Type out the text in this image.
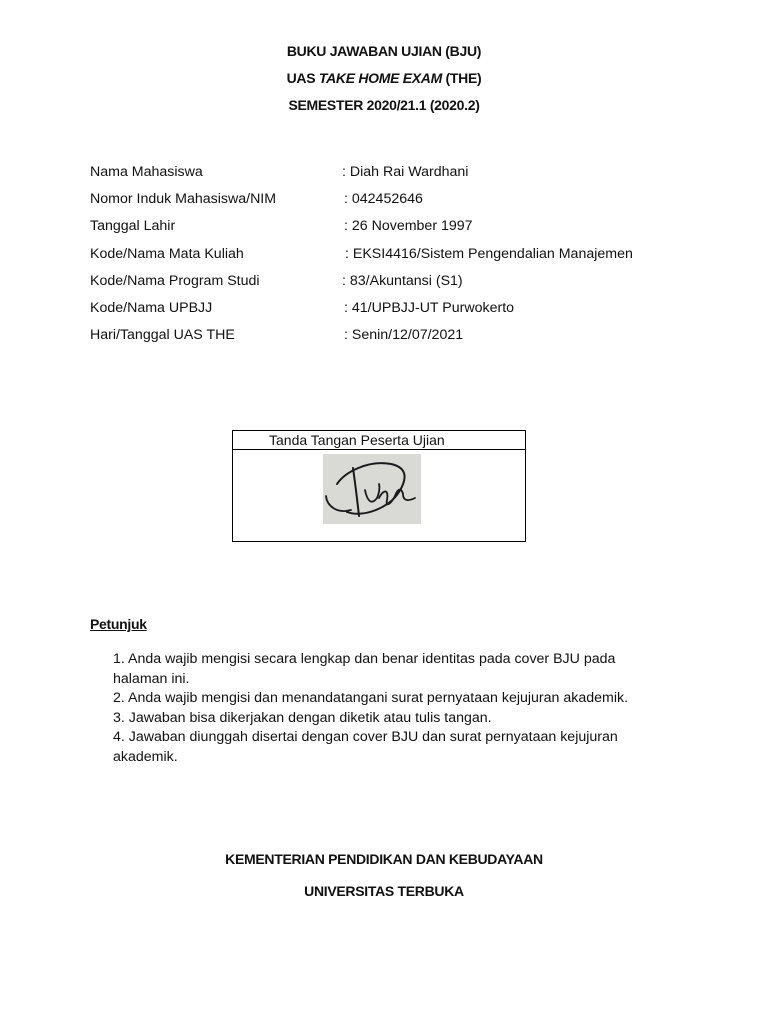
BUKU JAWABAN UJIAN (BJU)
UAS TAKE HOME EXAM (THE)
SEMESTER 2020/21.1 (2020.2)
Nama Mahasiswa	: Diah Rai Wardhani
Nomor Induk Mahasiswa/NIM	: 042452646
Tanggal Lahir	: 26 November 1997
Kode/Nama Mata Kuliah	: EKSI4416/Sistem Pengendalian Manajemen
Kode/Nama Program Studi	: 83/Akuntansi (S1)
Kode/Nama UPBJJ	: 41/UPBJJ-UT Purwokerto
Hari/Tanggal UAS THE	: Senin/12/07/2021
Tanda Tangan Peserta Ujian
Petunjuk

1. Anda wajib mengisi secara lengkap dan benar identitas pada cover BJU pada halaman ini.

2. Anda wajib mengisi dan menandatangani surat pernyataan kejujuran akademik.

3. Jawaban bisa dikerjakan dengan diketik atau tulis tangan.

4. Jawaban diunggah disertai dengan cover BJU dan surat pernyataan kejujuran akademik.

KEMENTERIAN PENDIDIKAN DAN KEBUDAYAAN
UNIVERSITAS TERBUKA
